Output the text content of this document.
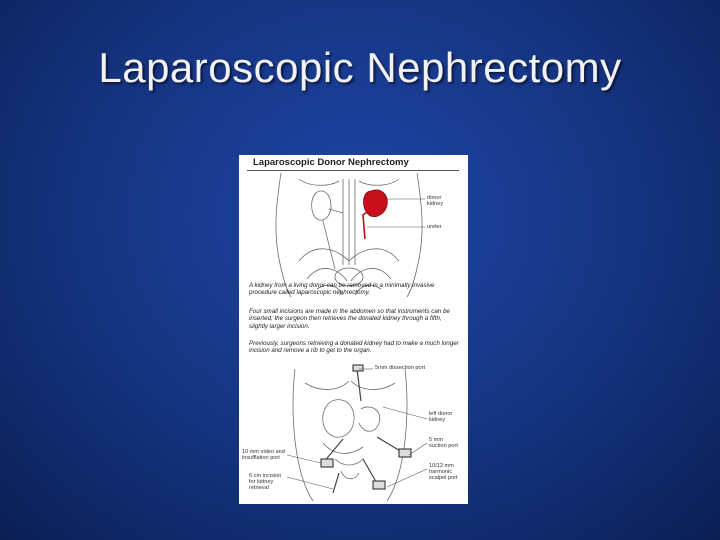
Laparoscopic Nephrectomy
Laparoscopic Donor Nephrectomy
donor
kidney
ureter
A kidney from a living donor can be removed in a minimally invasive procedure called laparoscopic nephrectomy.
Four small incisions are made in the abdomen so that instruments can be inserted; the surgeon then retrieves the donated kidney through a fifth, slightly larger incision.
Previously, surgeons retrieving a donated kidney had to make a much longer incision and remove a rib to get to the organ.
5mm dissection port
left donor
kidney
5 mm
suction port
10/12 mm
harmonic
scalpel port
10 mm video and
insufflation port
6 cm incision
for kidney
retrieval
